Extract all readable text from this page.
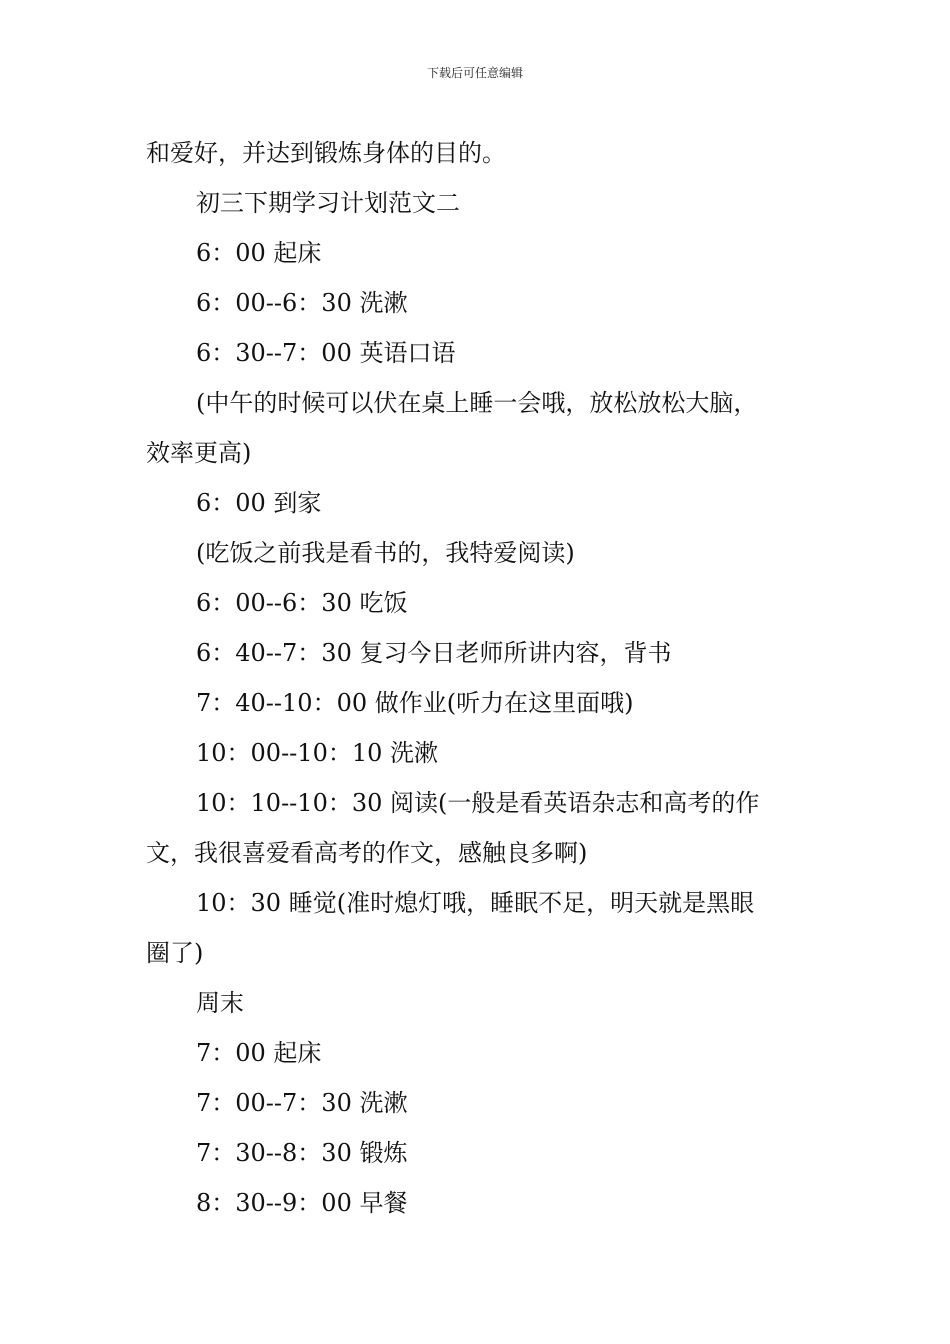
下载后可任意编辑
和爱好，并达到锻炼身体的目的。
初三下期学习计划范文二
6：00 起床
6：00--6：30 洗漱
6：30--7：00 英语口语
(中午的时候可以伏在桌上睡一会哦，放松放松大脑，
效率更高)
6：00 到家
(吃饭之前我是看书的，我特爱阅读)
6：00--6：30 吃饭
6：40--7：30 复习今日老师所讲内容，背书
7：40--10：00 做作业(听力在这里面哦)
10：00--10：10 洗漱
10：10--10：30 阅读(一般是看英语杂志和高考的作
文，我很喜爱看高考的作文，感触良多啊)
10：30 睡觉(准时熄灯哦，睡眠不足，明天就是黑眼
圈了)
周末
7：00 起床
7：00--7：30 洗漱
7：30--8：30 锻炼
8：30--9：00 早餐
